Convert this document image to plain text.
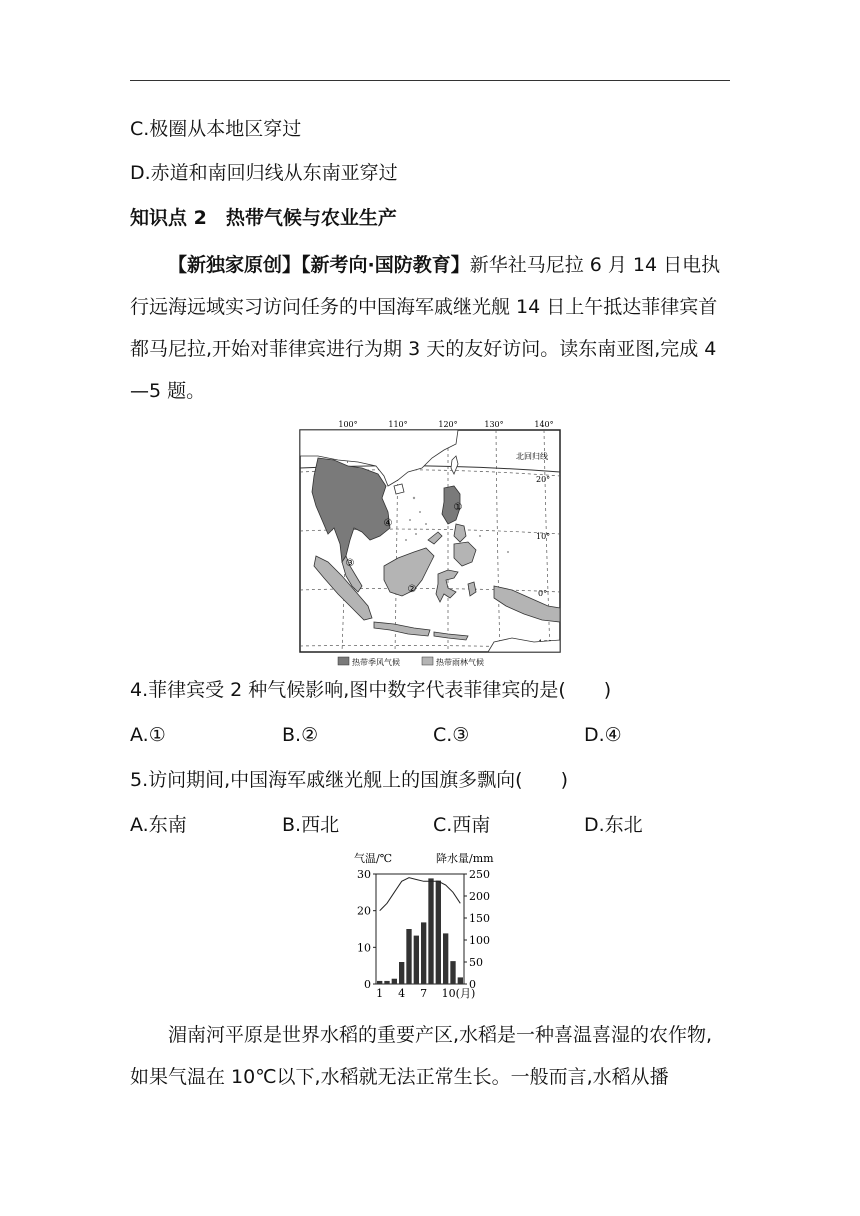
C.极圈从本地区穿过
D.赤道和南回归线从东南亚穿过
知识点 2　热带气候与农业生产
【新独家原创】【新考向·国防教育】新华社马尼拉 6 月 14 日电执行远海远域实习访问任务的中国海军戚继光舰 14 日上午抵达菲律宾首都马尼拉,开始对菲律宾进行为期 3 天的友好访问。读东南亚图,完成 4—5 题。
100°	110°	120°	130°	140°
北回归线
20°
10°
0°
①
②
③
④
热带季风气候	热带雨林气候
4.菲律宾受 2 种气候影响,图中数字代表菲律宾的是(　　)
A.①	B.②	C.③	D.④
5.访问期间,中国海军戚继光舰上的国旗多飘向(　　)
A.东南	B.西北	C.西南	D.东北
气温/℃	降水量/mm
30
20
10
0
250
200
150
100
50
0
1 4 7 10(月)
湄南河平原是世界水稻的重要产区,水稻是一种喜温喜湿的农作物,如果气温在 10℃以下,水稻就无法正常生长。一般而言,水稻从播
